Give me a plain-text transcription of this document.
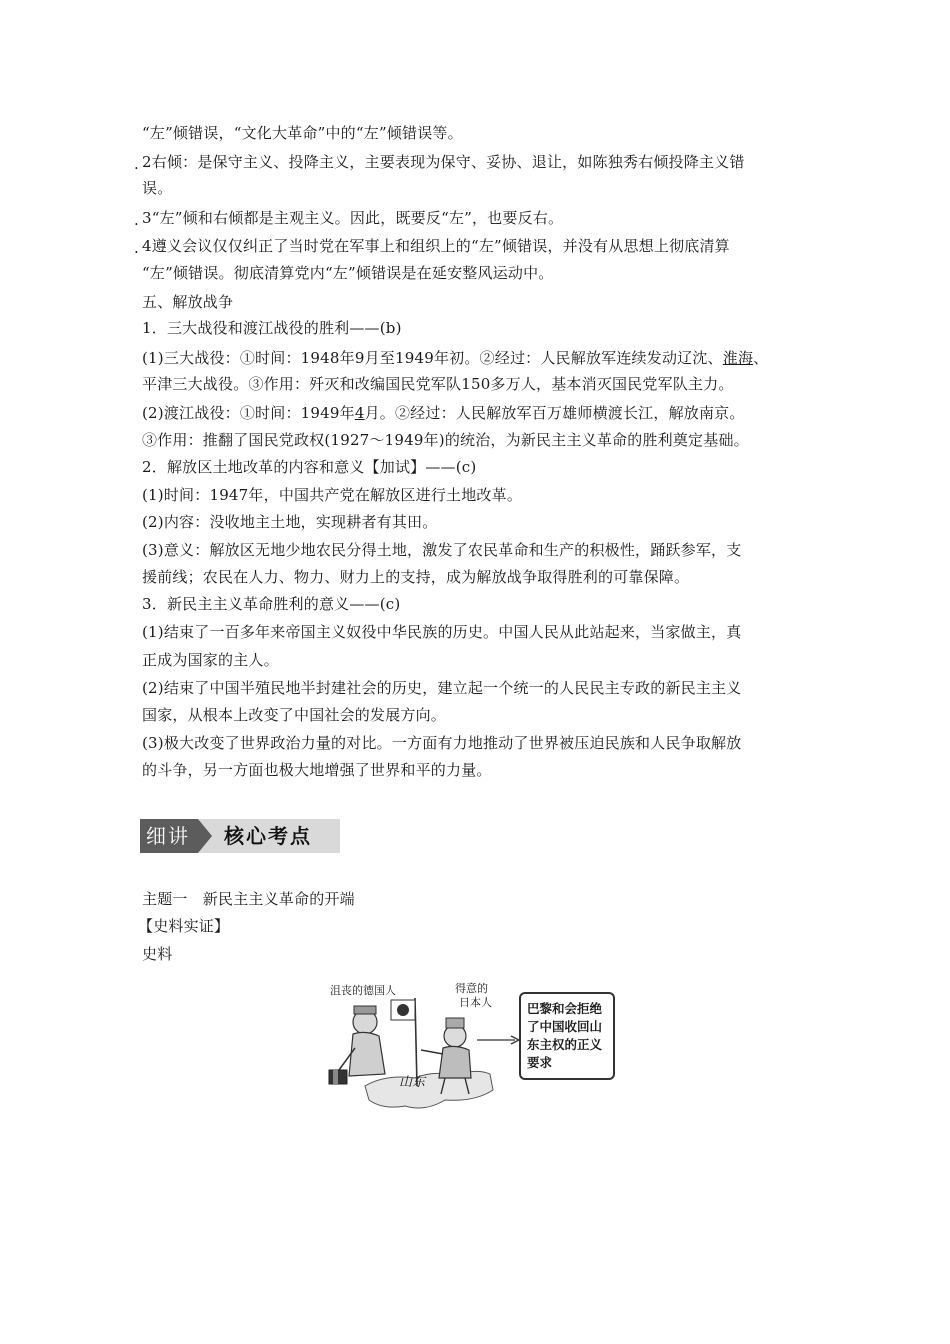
“左”倾错误，“文化大革命”中的“左”倾错误等。
. 2右倾：是保守主义、投降主义，主要表现为保守、妥协、退让，如陈独秀右倾投降主义错
误。
. 3“左”倾和右倾都是主观主义。因此，既要反“左”，也要反右。
. 4遵义会议仅仅纠正了当时党在军事上和组织上的“左”倾错误，并没有从思想上彻底清算
“左”倾错误。彻底清算党内“左”倾错误是在延安整风运动中。
五、解放战争
1．三大战役和渡江战役的胜利——(b)
(1)三大战役：①时间：1948年9月至1949年初。②经过：人民解放军连续发动辽沈、淮海、
平津三大战役。③作用：歼灭和改编国民党军队150多万人，基本消灭国民党军队主力。
(2)渡江战役：①时间：1949年4月。②经过：人民解放军百万雄师横渡长江，解放南京。
③作用：推翻了国民党政权(1927～1949年)的统治，为新民主主义革命的胜利奠定基础。
2．解放区土地改革的内容和意义【加试】——(c)
(1)时间：1947年，中国共产党在解放区进行土地改革。
(2)内容：没收地主土地，实现耕者有其田。
(3)意义：解放区无地少地农民分得土地，激发了农民革命和生产的积极性，踊跃参军，支
援前线；农民在人力、物力、财力上的支持，成为解放战争取得胜利的可靠保障。
3．新民主主义革命胜利的意义——(c)
(1)结束了一百多年来帝国主义奴役中华民族的历史。中国人民从此站起来，当家做主，真
正成为国家的主人。
(2)结束了中国半殖民地半封建社会的历史，建立起一个统一的人民民主专政的新民主主义
国家，从根本上改变了中国社会的发展方向。
(3)极大改变了世界政治力量的对比。一方面有力地推动了世界被压迫民族和人民争取解放
的斗争，另一方面也极大地增强了世界和平的力量。
细讲 核心考点
主题一　新民主主义革命的开端
【史料实证】
史料
沮丧的德国人	得意的
日本人
山东
巴黎和会拒绝了中国收回山东主权的正义要求
